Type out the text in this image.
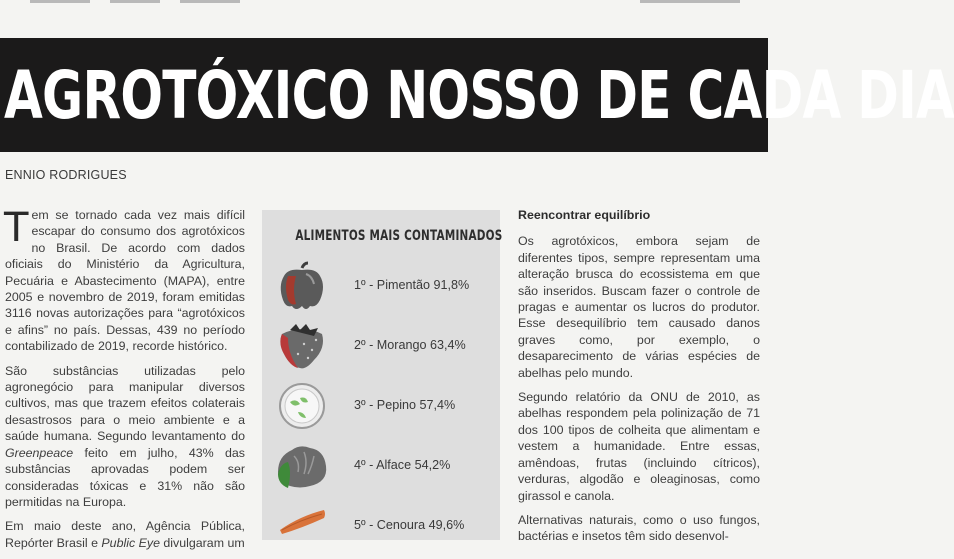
AGROTÓXICO NOSSO DE CADA DIA
ENNIO RODRIGUES

Tem se tornado cada vez mais difícil escapar do consumo dos agrotóxicos no Brasil. De acordo com dados oficiais do Ministério da Agricultura, Pecuária e Abastecimento (MAPA), entre 2005 e novembro de 2019, foram emitidas 3116 novas autorizações para “agrotóxicos e afins” no país. Dessas, 439 no período contabilizado de 2019, recorde histórico.

São substâncias utilizadas pelo agronegócio para manipular diversos cultivos, mas que trazem efeitos colaterais desastrosos para o meio ambiente e a saúde humana. Segundo levantamento do Greenpeace feito em julho, 43% das substâncias aprovadas podem ser consideradas tóxicas e 31% não são permitidas na Europa.

Em maio deste ano, Agência Pública, Repórter Brasil e Public Eye divulgaram um

ALIMENTOS MAIS CONTAMINADOS
1º - Pimentão 91,8%
2º - Morango 63,4%
3º - Pepino 57,4%
4º - Alface 54,2%
5º - Cenoura 49,6%
Reencontrar equilíbrio

Os agrotóxicos, embora sejam de diferentes tipos, sempre representam uma alteração brusca do ecossistema em que são inseridos. Buscam fazer o controle de pragas e aumentar os lucros do produtor. Esse desequilíbrio tem causado danos graves como, por exemplo, o desaparecimento de várias espécies de abelhas pelo mundo.

Segundo relatório da ONU de 2010, as abelhas respondem pela polinização de 71 dos 100 tipos de colheita que alimentam e vestem a humanidade. Entre essas, amêndoas, frutas (incluindo cítricos), verduras, algodão e oleaginosas, como girassol e canola.

Alternativas naturais, como o uso fungos, bactérias e insetos têm sido desenvol-
